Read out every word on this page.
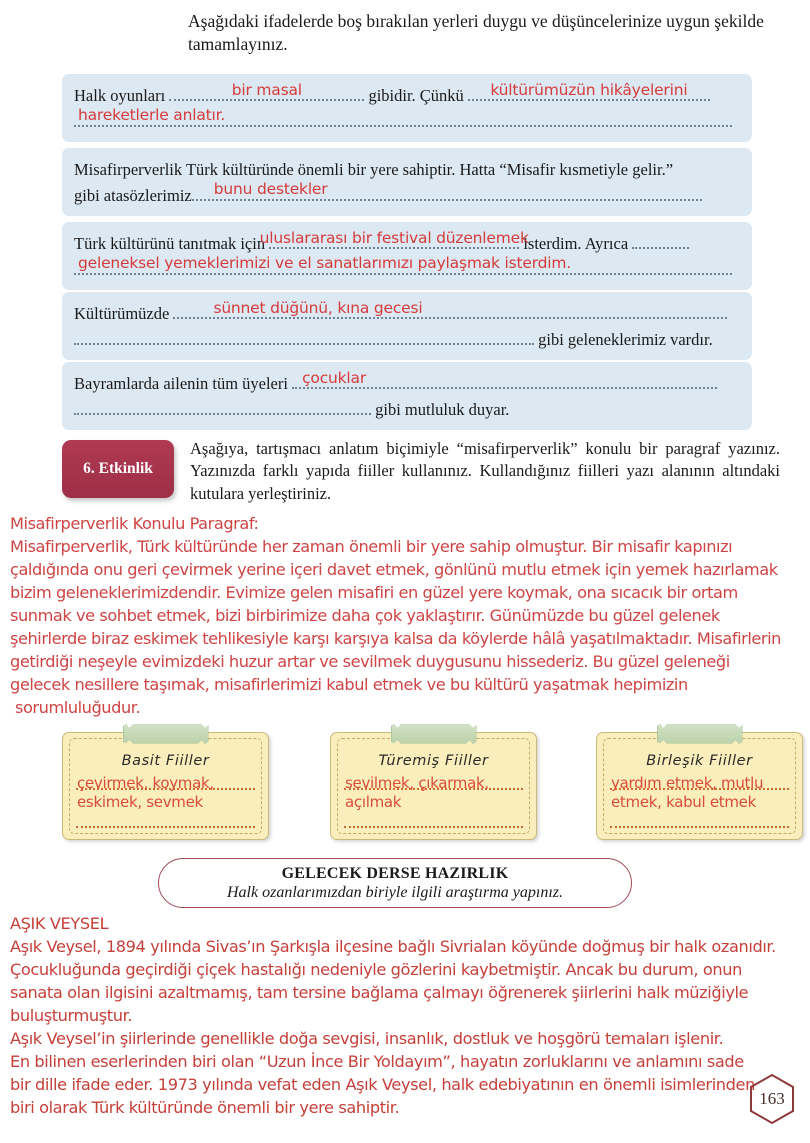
Aşağıdaki ifadelerde boş bırakılan yerleri duygu ve düşüncelerinize uygun şekilde tamamlayınız.
Halk oyunları	bir masal	gibidir. Çünkü kültürümüzün hikâyelerini
hareketlerle anlatır.
Misafirperverlik Türk kültüründe önemli bir yere sahiptir. Hatta “Misafir kısmetiyle gelir.”
gibi atasözlerimiz bunu destekler
Türk kültürünü tanıtmak için
uluslararası bir festival düzenlemek
isterdim. Ayrıca
geleneksel yemeklerimizi ve el sanatlarımızı paylaşmak isterdim.
Kültürümüzde	sünnet düğünü, kına gecesi
gibi geleneklerimiz vardır.
Bayramlarda ailenin tüm üyeleri çocuklar
gibi mutluluk duyar.
6. Etkinlik
Aşağıya, tartışmacı anlatım biçimiyle “misafirperverlik” konulu bir paragraf yazınız. Yazınızda farklı yapıda fiiller kullanınız. Kullandığınız fiilleri yazı alanının altındaki kutulara yerleştiriniz.
Misafirperverlik Konulu Paragraf:
Misafirperverlik, Türk kültüründe her zaman önemli bir yere sahip olmuştur. Bir misafir kapınızı
çaldığında onu geri çevirmek yerine içeri davet etmek, gönlünü mutlu etmek için yemek hazırlamak
bizim geleneklerimizdendir. Evimize gelen misafiri en güzel yere koymak, ona sıcacık bir ortam
sunmak ve sohbet etmek, bizi birbirimize daha çok yaklaştırır. Günümüzde bu güzel gelenek
şehirlerde biraz eskimek tehlikesiyle karşı karşıya kalsa da köylerde hâlâ yaşatılmaktadır. Misafirlerin
getirdiği neşeyle evimizdeki huzur artar ve sevilmek duygusunu hissederiz. Bu güzel geleneği
gelecek nesillere taşımak, misafirlerimizi kabul etmek ve bu kültürü yaşatmak hepimizin
sorumluluğudur.
Basit Fiiller
çevirmek, koymak,
eskimek, sevmek
Türemiş Fiiller
sevilmek, çıkarmak,
açılmak
Birleşik Fiiller
yardım etmek, mutlu
etmek, kabul etmek
GELECEK DERSE HAZIRLIK
Halk ozanlarımızdan biriyle ilgili araştırma yapınız.
AŞIK VEYSEL
Aşık Veysel, 1894 yılında Sivas’ın Şarkışla ilçesine bağlı Sivrialan köyünde doğmuş bir halk ozanıdır.
Çocukluğunda geçirdiği çiçek hastalığı nedeniyle gözlerini kaybetmiştir. Ancak bu durum, onun
sanata olan ilgisini azaltmamış, tam tersine bağlama çalmayı öğrenerek şiirlerini halk müziğiyle
buluşturmuştur.
Aşık Veysel’in şiirlerinde genellikle doğa sevgisi, insanlık, dostluk ve hoşgörü temaları işlenir.
En bilinen eserlerinden biri olan “Uzun İnce Bir Yoldayım”, hayatın zorluklarını ve anlamını sade
bir dille ifade eder. 1973 yılında vefat eden Aşık Veysel, halk edebiyatının en önemli isimlerinden
biri olarak Türk kültüründe önemli bir yere sahiptir.	163
